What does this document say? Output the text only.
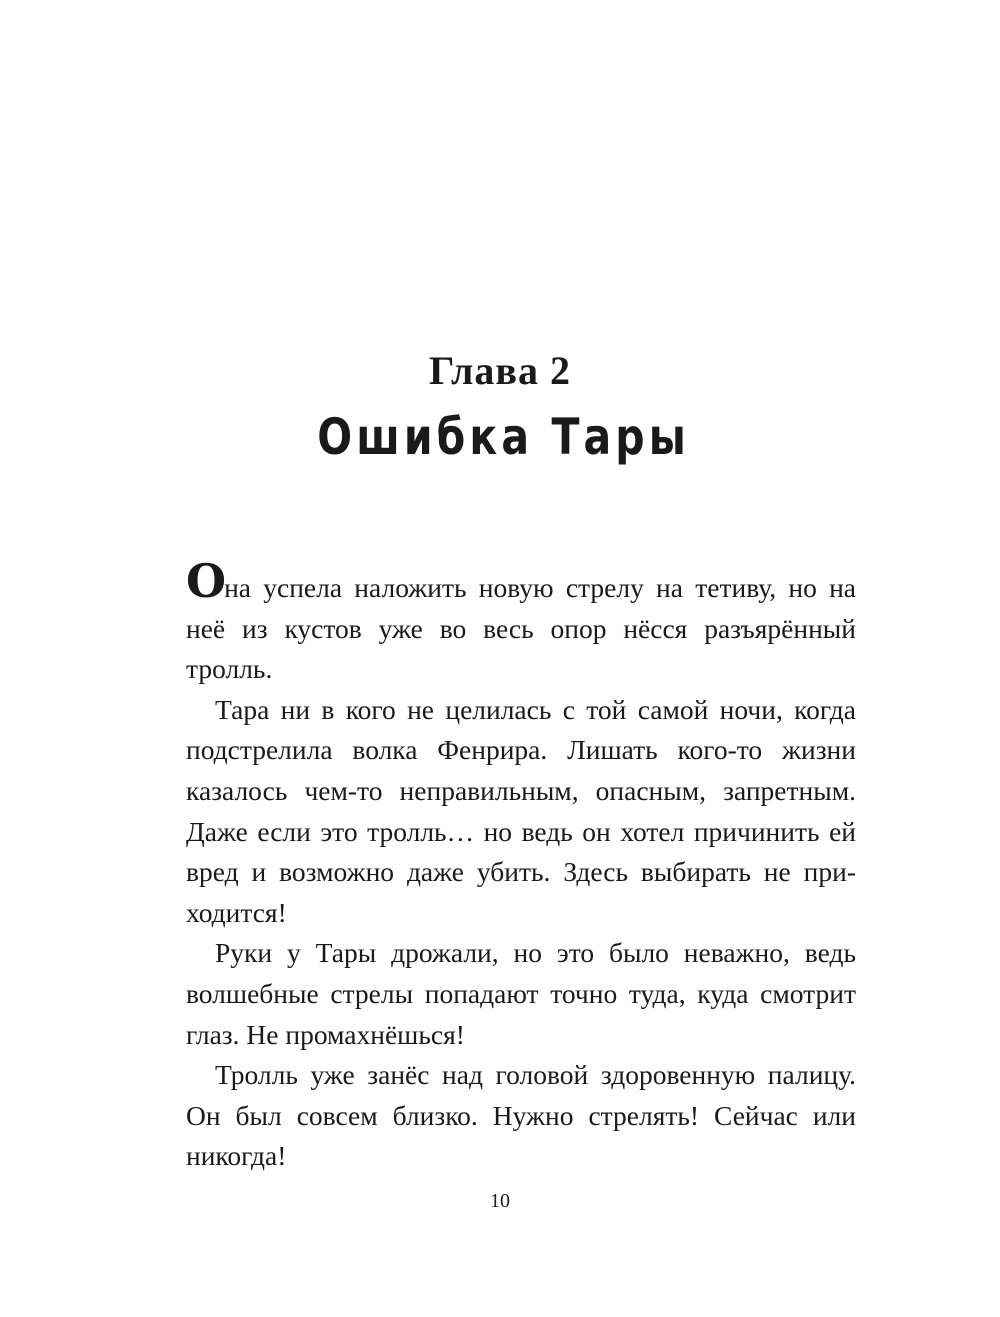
Глава 2
Ошибка Тары

Она успела наложить новую стрелу на тетиву, но на неё из кустов уже во весь опор нёсся разъярённый тролль.

Тара ни в кого не целилась с той самой ночи, когда подстрелила волка Фенрира. Лишать кого-то жизни казалось чем-то неправильным, опасным, запретным. Даже если это тролль… но ведь он хотел причинить ей вред и возможно даже убить. Здесь выбирать не приходится!

Руки у Тары дрожали, но это было неважно, ведь волшебные стрелы попадают точно туда, куда смотрит глаз. Не промахнёшься!

Тролль уже занёс над головой здоровенную палицу. Он был совсем близко. Нужно стрелять! Сейчас или никогда!

10
